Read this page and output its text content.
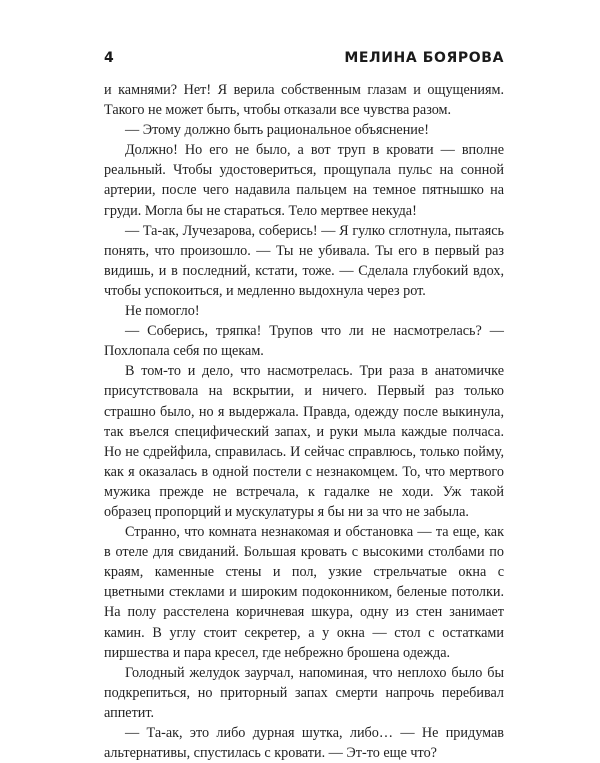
4	МЕЛИНА БОЯРОВА

и камнями? Нет! Я верила собственным глазам и ощущениям. Такого не может быть, чтобы отказали все чувства разом.

— Этому должно быть рациональное объяснение!

Должно! Но его не было, а вот труп в кровати — вполне реальный. Чтобы удостовериться, прощупала пульс на сонной артерии, после чего надавила пальцем на темное пятнышко на груди. Могла бы не стараться. Тело мертвее некуда!

— Та-ак, Лучезарова, соберись! — Я гулко сглотнула, пытаясь понять, что произошло. — Ты не убивала. Ты его в первый раз видишь, и в последний, кстати, тоже. — Сделала глубокий вдох, чтобы успокоиться, и медленно выдохнула через рот.

Не помогло!

— Соберись, тряпка! Трупов что ли не насмотрелась? — Похлопала себя по щекам.

В том-то и дело, что насмотрелась. Три раза в анатомичке присутствовала на вскрытии, и ничего. Первый раз только страшно было, но я выдержала. Правда, одежду после выкинула, так въелся специфический запах, и руки мыла каждые полчаса. Но не сдрейфила, справилась. И сейчас справлюсь, только пойму, как я оказалась в одной постели с незнакомцем. То, что мертвого мужика прежде не встречала, к гадалке не ходи. Уж такой образец пропорций и мускулатуры я бы ни за что не забыла.

Странно, что комната незнакомая и обстановка — та еще, как в отеле для свиданий. Большая кровать с высокими столбами по краям, каменные стены и пол, узкие стрельчатые окна с цветными стеклами и широким подоконником, беленые потолки. На полу расстелена коричневая шкура, одну из стен занимает камин. В углу стоит секретер, а у окна — стол с остатками пиршества и пара кресел, где небрежно брошена одежда.

Голодный желудок заурчал, напоминая, что неплохо было бы подкрепиться, но приторный запах смерти напрочь перебивал аппетит.

— Та-ак, это либо дурная шутка, либо… — Не придумав альтернативы, спустилась с кровати. — Эт-то еще что?
